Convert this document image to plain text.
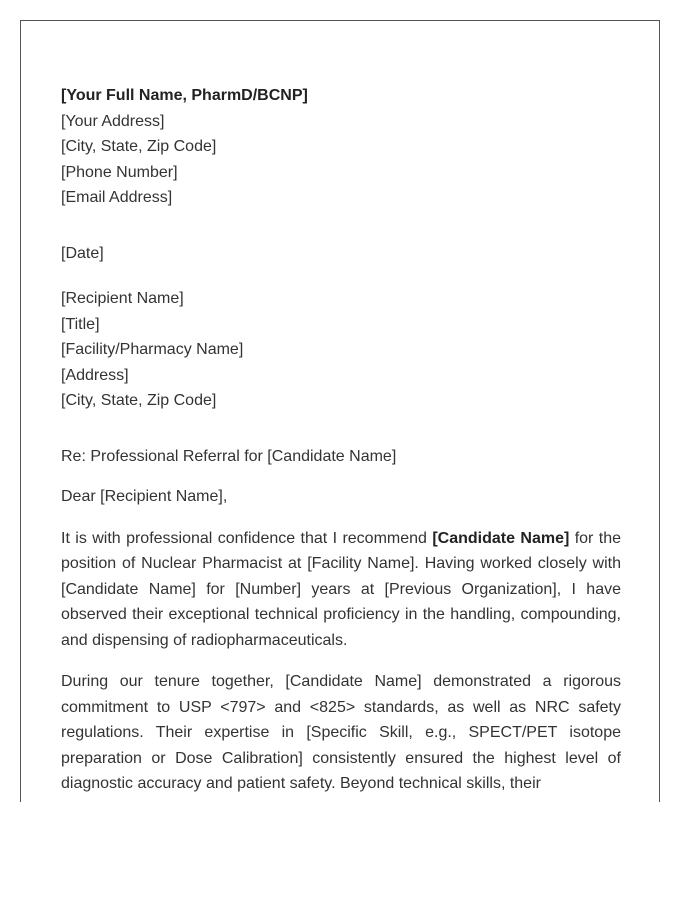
[Your Full Name, PharmD/BCNP]
[Your Address]
[City, State, Zip Code]
[Phone Number]
[Email Address]
[Date]
[Recipient Name]
[Title]
[Facility/Pharmacy Name]
[Address]
[City, State, Zip Code]
Re: Professional Referral for [Candidate Name]
Dear [Recipient Name],

It is with professional confidence that I recommend [Candidate Name] for the position of Nuclear Pharmacist at [Facility Name]. Having worked closely with [Candidate Name] for [Number] years at [Previous Organization], I have observed their exceptional technical proficiency in the handling, compounding, and dispensing of radiopharmaceuticals.

During our tenure together, [Candidate Name] demonstrated a rigorous commitment to USP <797> and <825> standards, as well as NRC safety regulations. Their expertise in [Specific Skill, e.g., SPECT/PET isotope preparation or Dose Calibration] consistently ensured the highest level of diagnostic accuracy and patient safety. Beyond technical skills, their
